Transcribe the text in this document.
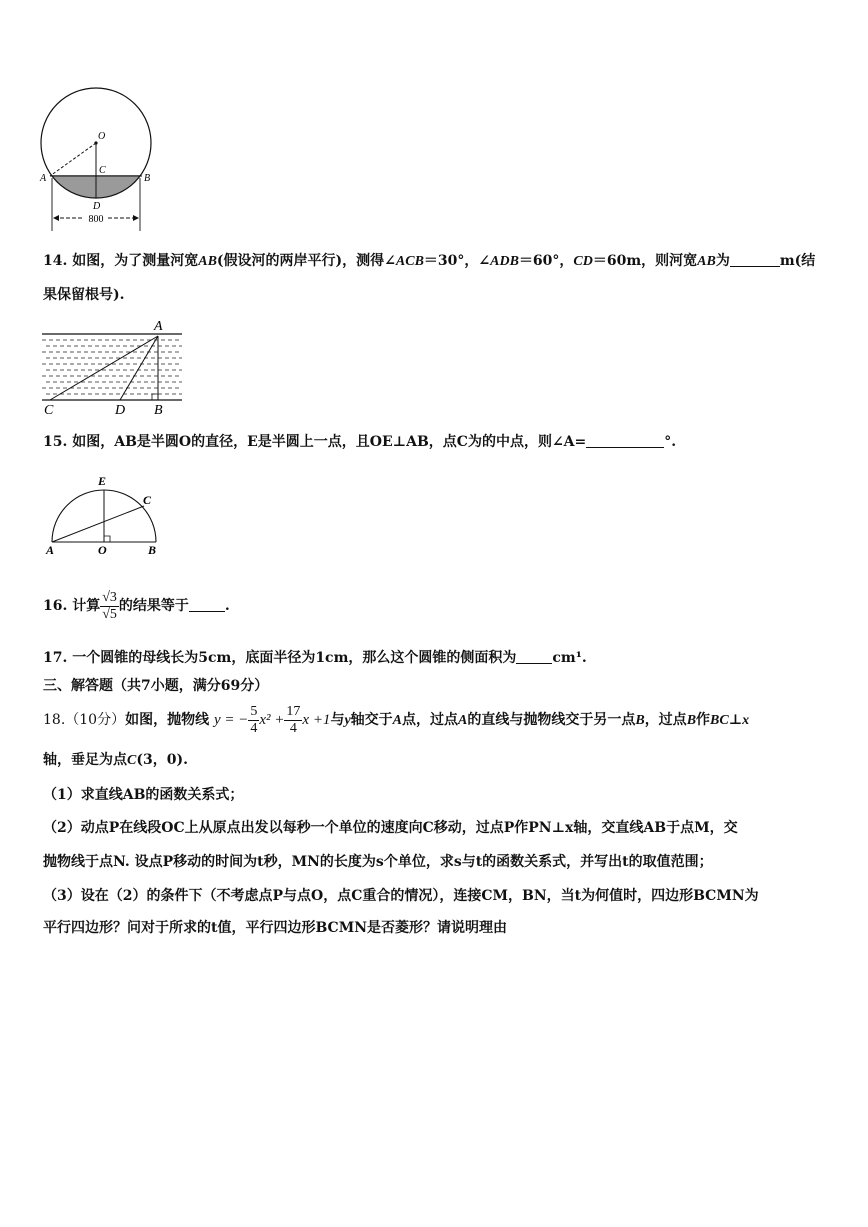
800
O
C
A	B
D
14. 如图，为了测量河宽AB(假设河的两岸平行)，测得∠ACB＝30°，∠ADB＝60°，CD＝60m，则河宽AB为	m(结
果保留根号).
A
B
C	D
15. 如图，AB是半圆O的直径，E是半圆上一点，且OE⊥AB，点C为的中点，则∠A=	°.
E
C
A	O	B
16. 计算 $\frac{√3}{√5}$ 的结果等于	.
17. 一个圆锥的母线长为5cm，底面半径为1cm，那么这个圆锥的侧面积为	cm¹.
三、解答题（共7小题，满分69分）
18.（10分）如图，抛物线 y = − $\frac{5}{4} x^2 + \frac{17}{4}$ x +1与y轴交于A点，过点A的直线与抛物线交于另一点B，过点B作BC⊥x
轴，垂足为点C(3，0).
（1）求直线AB的函数关系式；
（2）动点P在线段OC上从原点出发以每秒一个单位的速度向C移动，过点P作PN⊥x轴，交直线AB于点M，交
抛物线于点N. 设点P移动的时间为t秒，MN的长度为s个单位，求s与t的函数关系式，并写出t的取值范围；
（3）设在（2）的条件下（不考虑点P与点O，点C重合的情况），连接CM，BN，当t为何值时，四边形BCMN为
平行四边形？问对于所求的t值，平行四边形BCMN是否菱形？请说明理由
